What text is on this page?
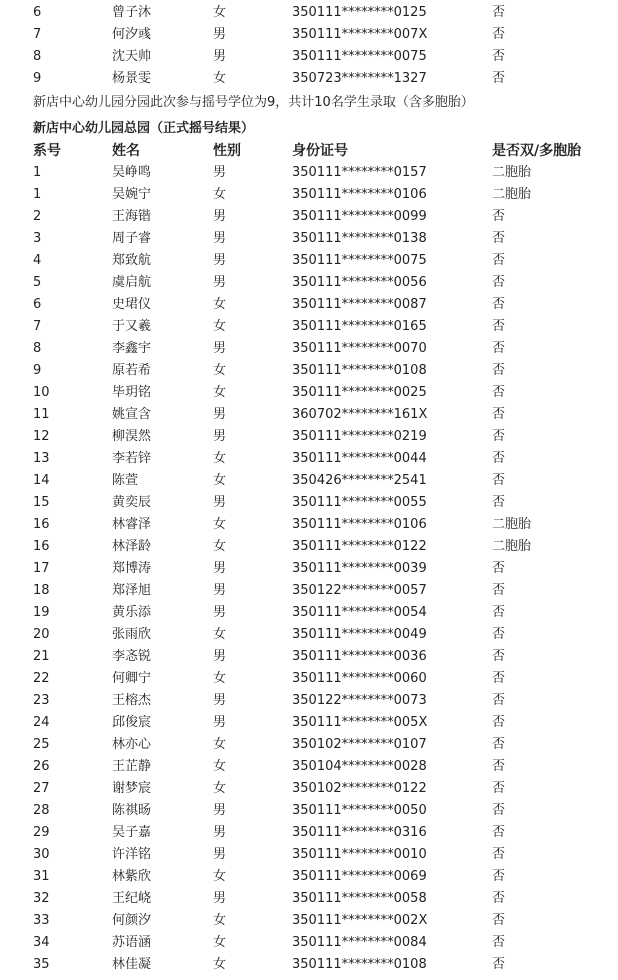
6	曾子沐	女	350111********0125	否
7	何汐彧	男	350111********007X	否
8	沈天帅	男	350111********0075	否
9	杨景雯	女	350723********1327	否
新店中心幼儿园分园此次参与摇号学位为9，共计10名学生录取（含多胞胎）
新店中心幼儿园总园（正式摇号结果）
系号	姓名	性别	身份证号	是否双/多胞胎
1	吴峥鸣	男	350111********0157	二胞胎
1	吴婉宁	女	350111********0106	二胞胎
2	王海锴	男	350111********0099	否
3	周子睿	男	350111********0138	否
4	郑致航	男	350111********0075	否
5	虞启航	男	350111********0056	否
6	史珺仪	女	350111********0087	否
7	于又羲	女	350111********0165	否
8	李鑫宇	男	350111********0070	否
9	原若希	女	350111********0108	否
10	毕玥铭	女	350111********0025	否
11	姚宣含	男	360702********161X	否
12	柳淏然	男	350111********0219	否
13	李若锌	女	350111********0044	否
14	陈萱	女	350426********2541	否
15	黄奕辰	男	350111********0055	否
16	林睿泽	女	350111********0106	二胞胎
16	林泽龄	女	350111********0122	二胞胎
17	郑博涛	男	350111********0039	否
18	郑泽旭	男	350122********0057	否
19	黄乐添	男	350111********0054	否
20	张雨欣	女	350111********0049	否
21	李忞锐	男	350111********0036	否
22	何卿宁	女	350111********0060	否
23	王榕杰	男	350122********0073	否
24	邱俊宸	男	350111********005X	否
25	林亦心	女	350102********0107	否
26	王芷静	女	350104********0028	否
27	谢梦宸	女	350102********0122	否
28	陈祺旸	男	350111********0050	否
29	吴子嘉	男	350111********0316	否
30	许洋铭	男	350111********0010	否
31	林紫欣	女	350111********0069	否
32	王纪峣	男	350111********0058	否
33	何颜汐	女	350111********002X	否
34	苏语涵	女	350111********0084	否
35	林佳凝	女	350111********0108	否
